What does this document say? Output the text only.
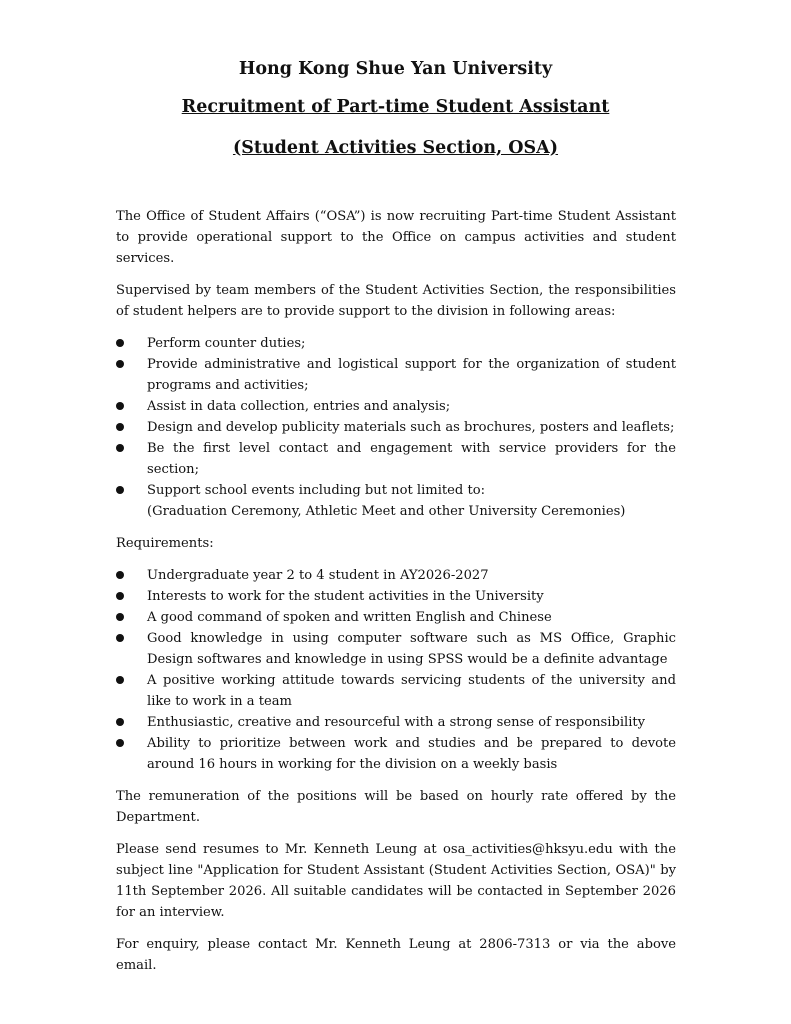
Hong Kong Shue Yan University
Recruitment of Part-time Student Assistant
(Student Activities Section, OSA)

The Office of Student Affairs (“OSA”) is now recruiting Part-time Student Assistant to provide operational support to the Office on campus activities and student services.

Supervised by team members of the Student Activities Section, the responsibilities of student helpers are to provide support to the division in following areas:

Perform counter duties;
Provide administrative and logistical support for the organization of student programs and activities;
Assist in data collection, entries and analysis;
Design and develop publicity materials such as brochures, posters and leaflets;
Be the first level contact and engagement with service providers for the section;
Support school events including but not limited to:
(Graduation Ceremony, Athletic Meet and other University Ceremonies)

Requirements:

Undergraduate year 2 to 4 student in AY2026-2027
Interests to work for the student activities in the University
A good command of spoken and written English and Chinese
Good knowledge in using computer software such as MS Office, Graphic Design softwares and knowledge in using SPSS would be a definite advantage
A positive working attitude towards servicing students of the university and like to work in a team
Enthusiastic, creative and resourceful with a strong sense of responsibility
Ability to prioritize between work and studies and be prepared to devote around 16 hours in working for the division on a weekly basis

The remuneration of the positions will be based on hourly rate offered by the Department.

Please send resumes to Mr. Kenneth Leung at osa_activities@hksyu.edu with the subject line "Application for Student Assistant (Student Activities Section, OSA)" by 11th September 2026. All suitable candidates will be contacted in September 2026 for an interview.

For enquiry, please contact Mr. Kenneth Leung at 2806-7313 or via the above email.
